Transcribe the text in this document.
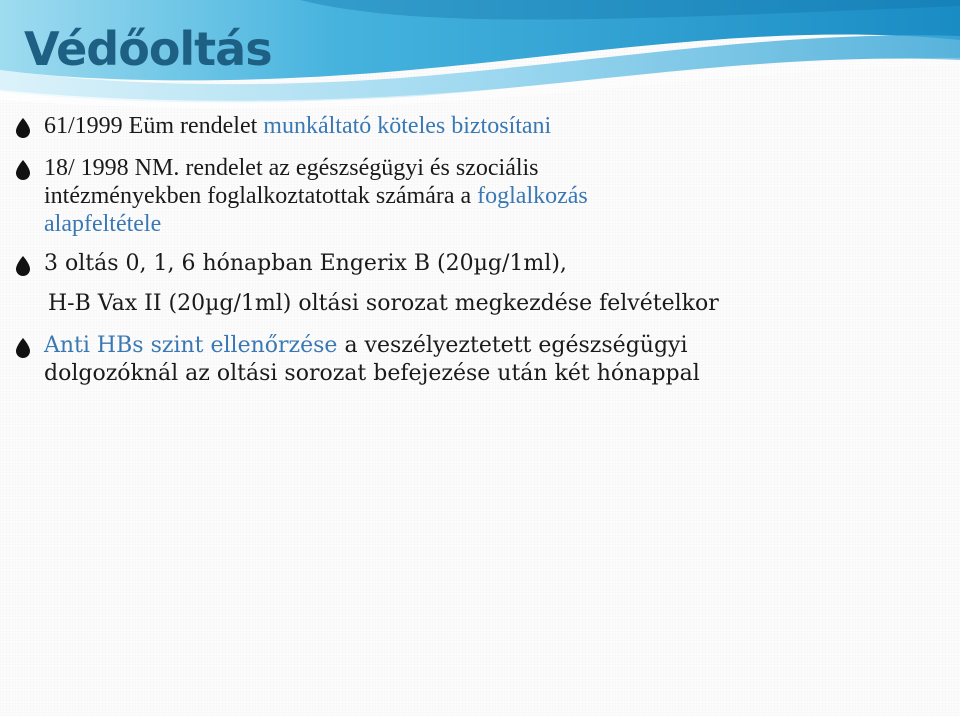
Védőoltás
61/1999 Eüm rendelet munkáltató köteles biztosítani
18/ 1998 NM. rendelet az egészségügyi és szociális
intézményekben foglalkoztatottak számára a foglalkozás
alapfeltétele
3 oltás 0, 1, 6 hónapban Engerix B (20µg/1ml),
H-B Vax II (20µg/1ml) oltási sorozat megkezdése felvételkor
Anti HBs szint ellenőrzése a veszélyeztetett egészségügyi
dolgozóknál az oltási sorozat befejezése után két hónappal
